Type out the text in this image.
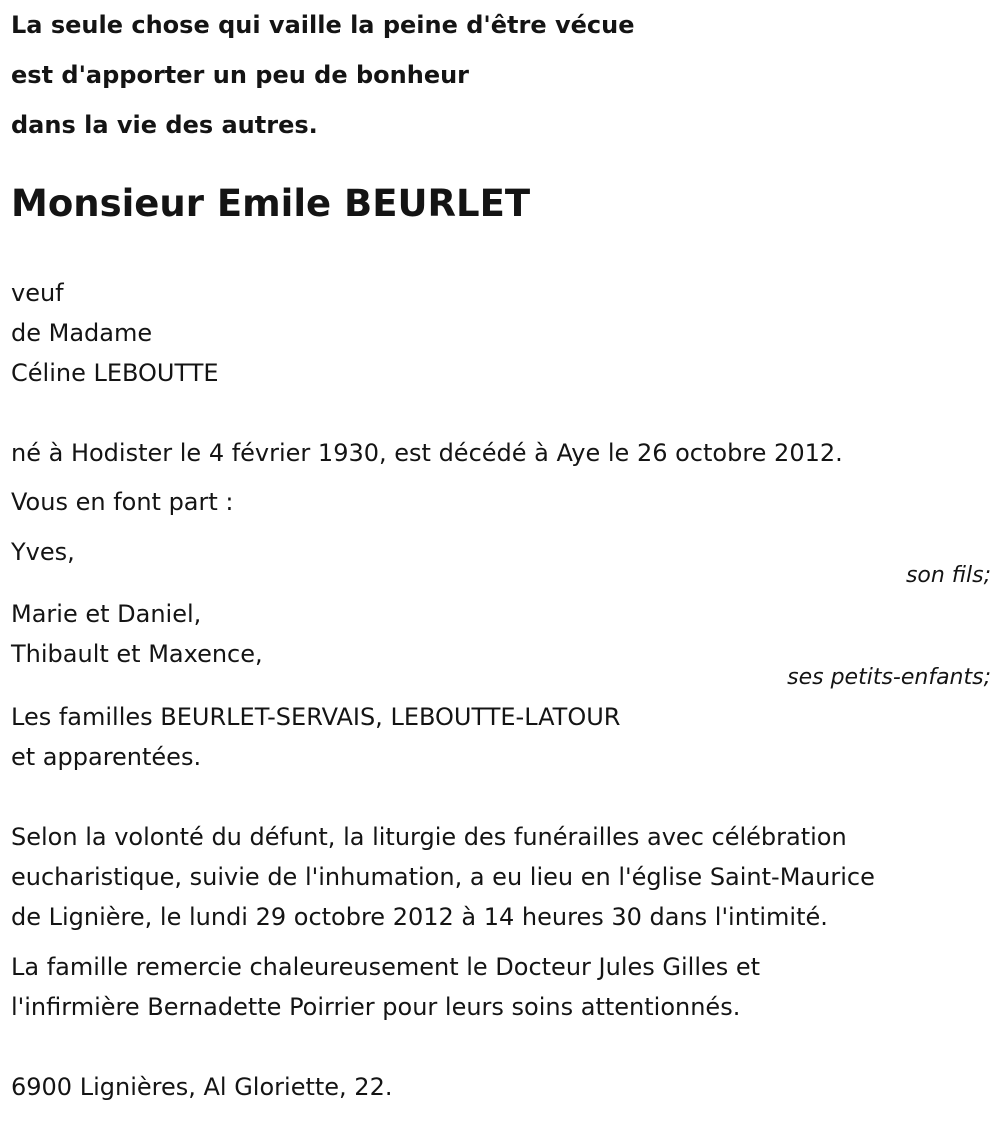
La seule chose qui vaille la peine d'être vécue
est d'apporter un peu de bonheur
dans la vie des autres.
Monsieur Emile BEURLET
veuf
de Madame
Céline LEBOUTTE
né à Hodister le 4 février 1930, est décédé à Aye le 26 octobre 2012.
Vous en font part :
Yves,
son fils;
Marie et Daniel,
Thibault et Maxence,
ses petits-enfants;
Les familles BEURLET-SERVAIS, LEBOUTTE-LATOUR
et apparentées.
Selon la volonté du défunt, la liturgie des funérailles avec célébration
eucharistique, suivie de l'inhumation, a eu lieu en l'église Saint-Maurice
de Lignière, le lundi 29 octobre 2012 à 14 heures 30 dans l'intimité.
La famille remercie chaleureusement le Docteur Jules Gilles et
l'infirmière Bernadette Poirrier pour leurs soins attentionnés.
6900 Lignières, Al Gloriette, 22.
